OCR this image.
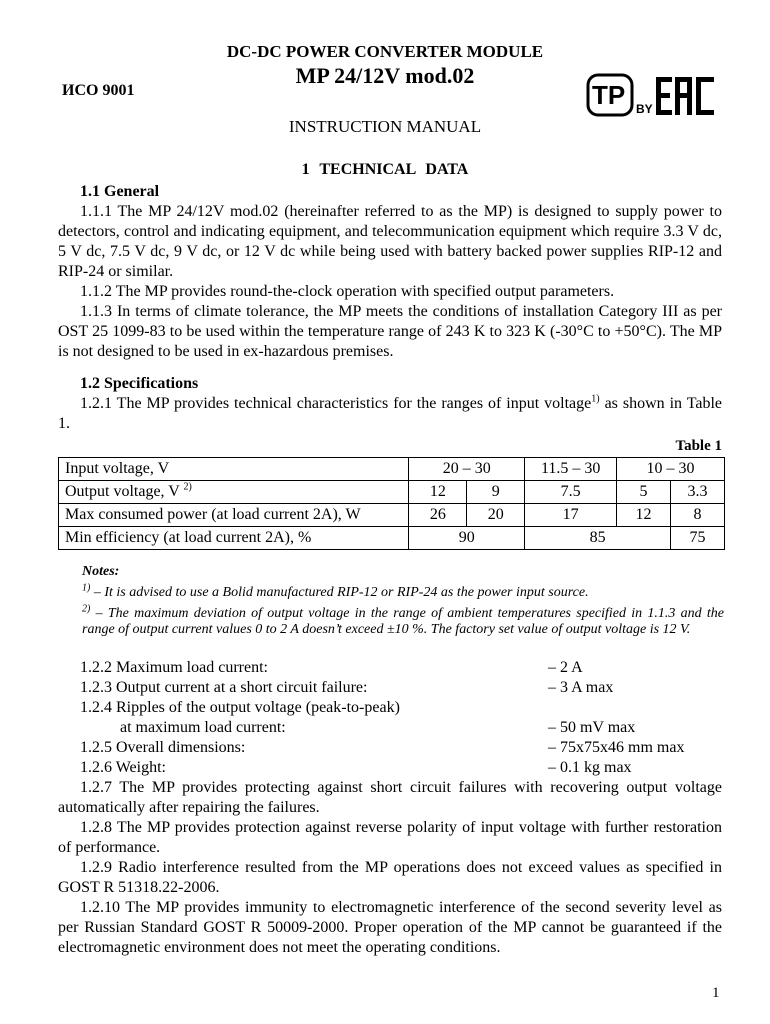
DC-DC POWER CONVERTER MODULE
MP 24/12V mod.02
ИСО 9001	TP BY
EAC
INSTRUCTION MANUAL
1 TECHNICAL DATA

1.1 General

1.1.1 The MP 24/12V mod.02 (hereinafter referred to as the MP) is designed to supply power to detectors, control and indicating equipment, and telecommunication equipment which require 3.3 V dc, 5 V dc, 7.5 V dc, 9 V dc, or 12 V dc while being used with battery backed power supplies RIP-12 and RIP-24 or similar.

1.1.2 The MP provides round-the-clock operation with specified output parameters.

1.1.3 In terms of climate tolerance, the MP meets the conditions of installation Category III as per OST 25 1099-83 to be used within the temperature range of 243 K to 323 K (-30°C to +50°C). The MP is not designed to be used in ex-hazardous premises.

1.2 Specifications

1.2.1 The MP provides technical characteristics for the ranges of input voltage$^{1)}$ as shown in Table 1.

Table 1
Input voltage, V	20 – 30		11.5 – 30	10 – 30	
Output voltage, V $^{2)}$	12	9	7.5	5	3.3
Max consumed power (at load current 2A), W	26	20	17	12	8
Min efficiency (at load current 2A), %	90		85		75

Notes:

$^{1)}$ – It is advised to use a Bolid manufactured RIP-12 or RIP-24 as the power input source.

$^{2)}$ – The maximum deviation of output voltage in the range of ambient temperatures specified in 1.1.3 and the range of output current values 0 to 2 A doesn’t exceed ±10 %. The factory set value of output voltage is 12 V.

1.2.2 Maximum load current:	– 2 A
1.2.3 Output current at a short circuit failure:	– 3 A max
1.2.4 Ripples of the output voltage (peak-to-peak)
at maximum load current:	– 50 mV max
1.2.5 Overall dimensions:	– 75x75x46 mm max
1.2.6 Weight:	– 0.1 kg max

1.2.7 The MP provides protecting against short circuit failures with recovering output voltage automatically after repairing the failures.

1.2.8 The MP provides protection against reverse polarity of input voltage with further restoration of performance.

1.2.9 Radio interference resulted from the MP operations does not exceed values as specified in GOST R 51318.22-2006.

1.2.10 The MP provides immunity to electromagnetic interference of the second severity level as per Russian Standard GOST R 50009-2000. Proper operation of the MP cannot be guaranteed if the electromagnetic environment does not meet the operating conditions.

1
